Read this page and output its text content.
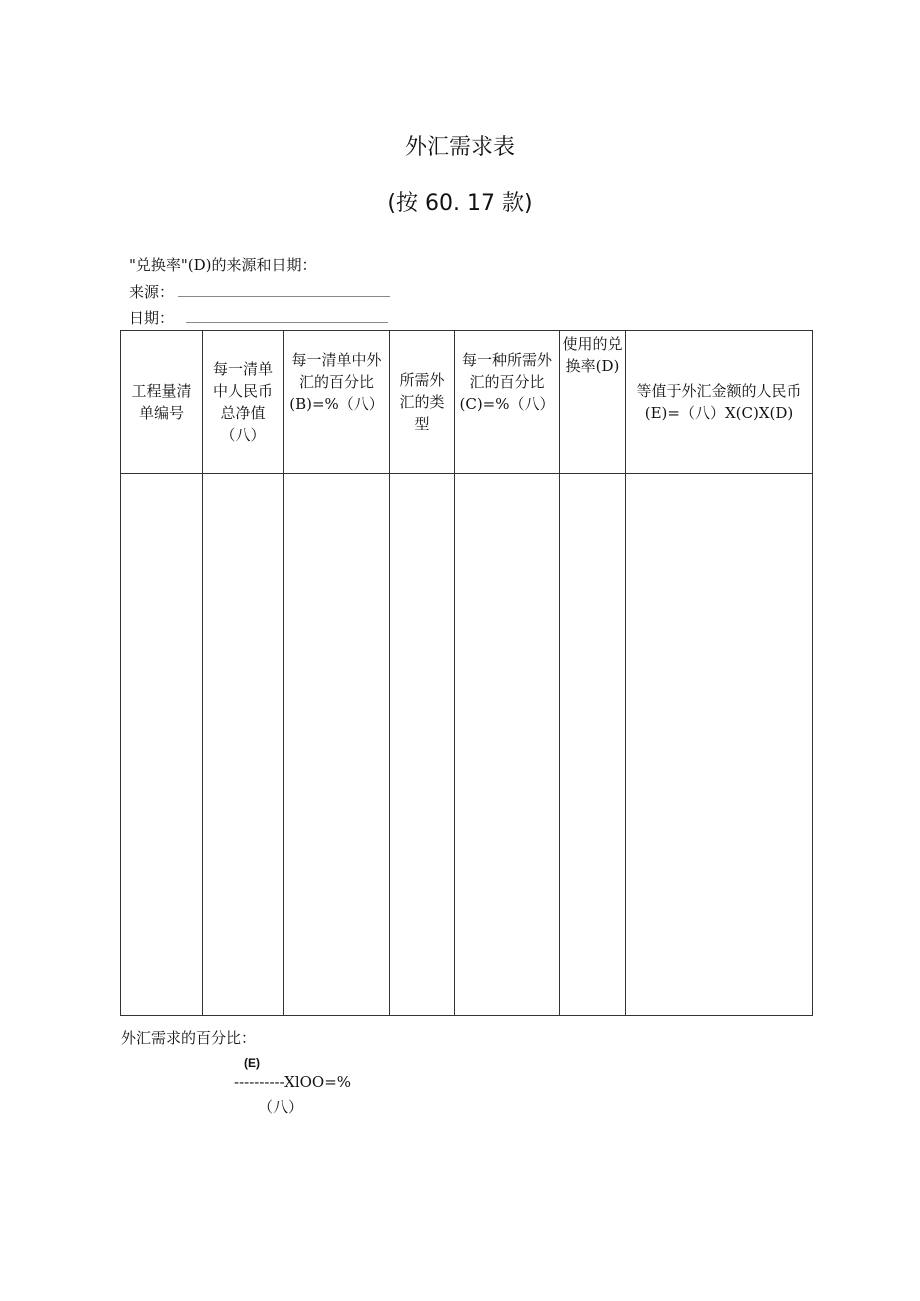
外汇需求表
(按 60. 17 款)
"兑换率"(D)的来源和日期：
来源：
日期：
工程量清单编号	每一清单中人民币总净值（八）	每一清单中外汇的百分比(B)=%（八）	所需外汇的类型	每一种所需外汇的百分比(C)=%（八）	使用的兑换率(D)	等值于外汇金额的人民币(E)=（八）X(C)X(D)

外汇需求的百分比：
(E)
----------XlOO=%
（八）
